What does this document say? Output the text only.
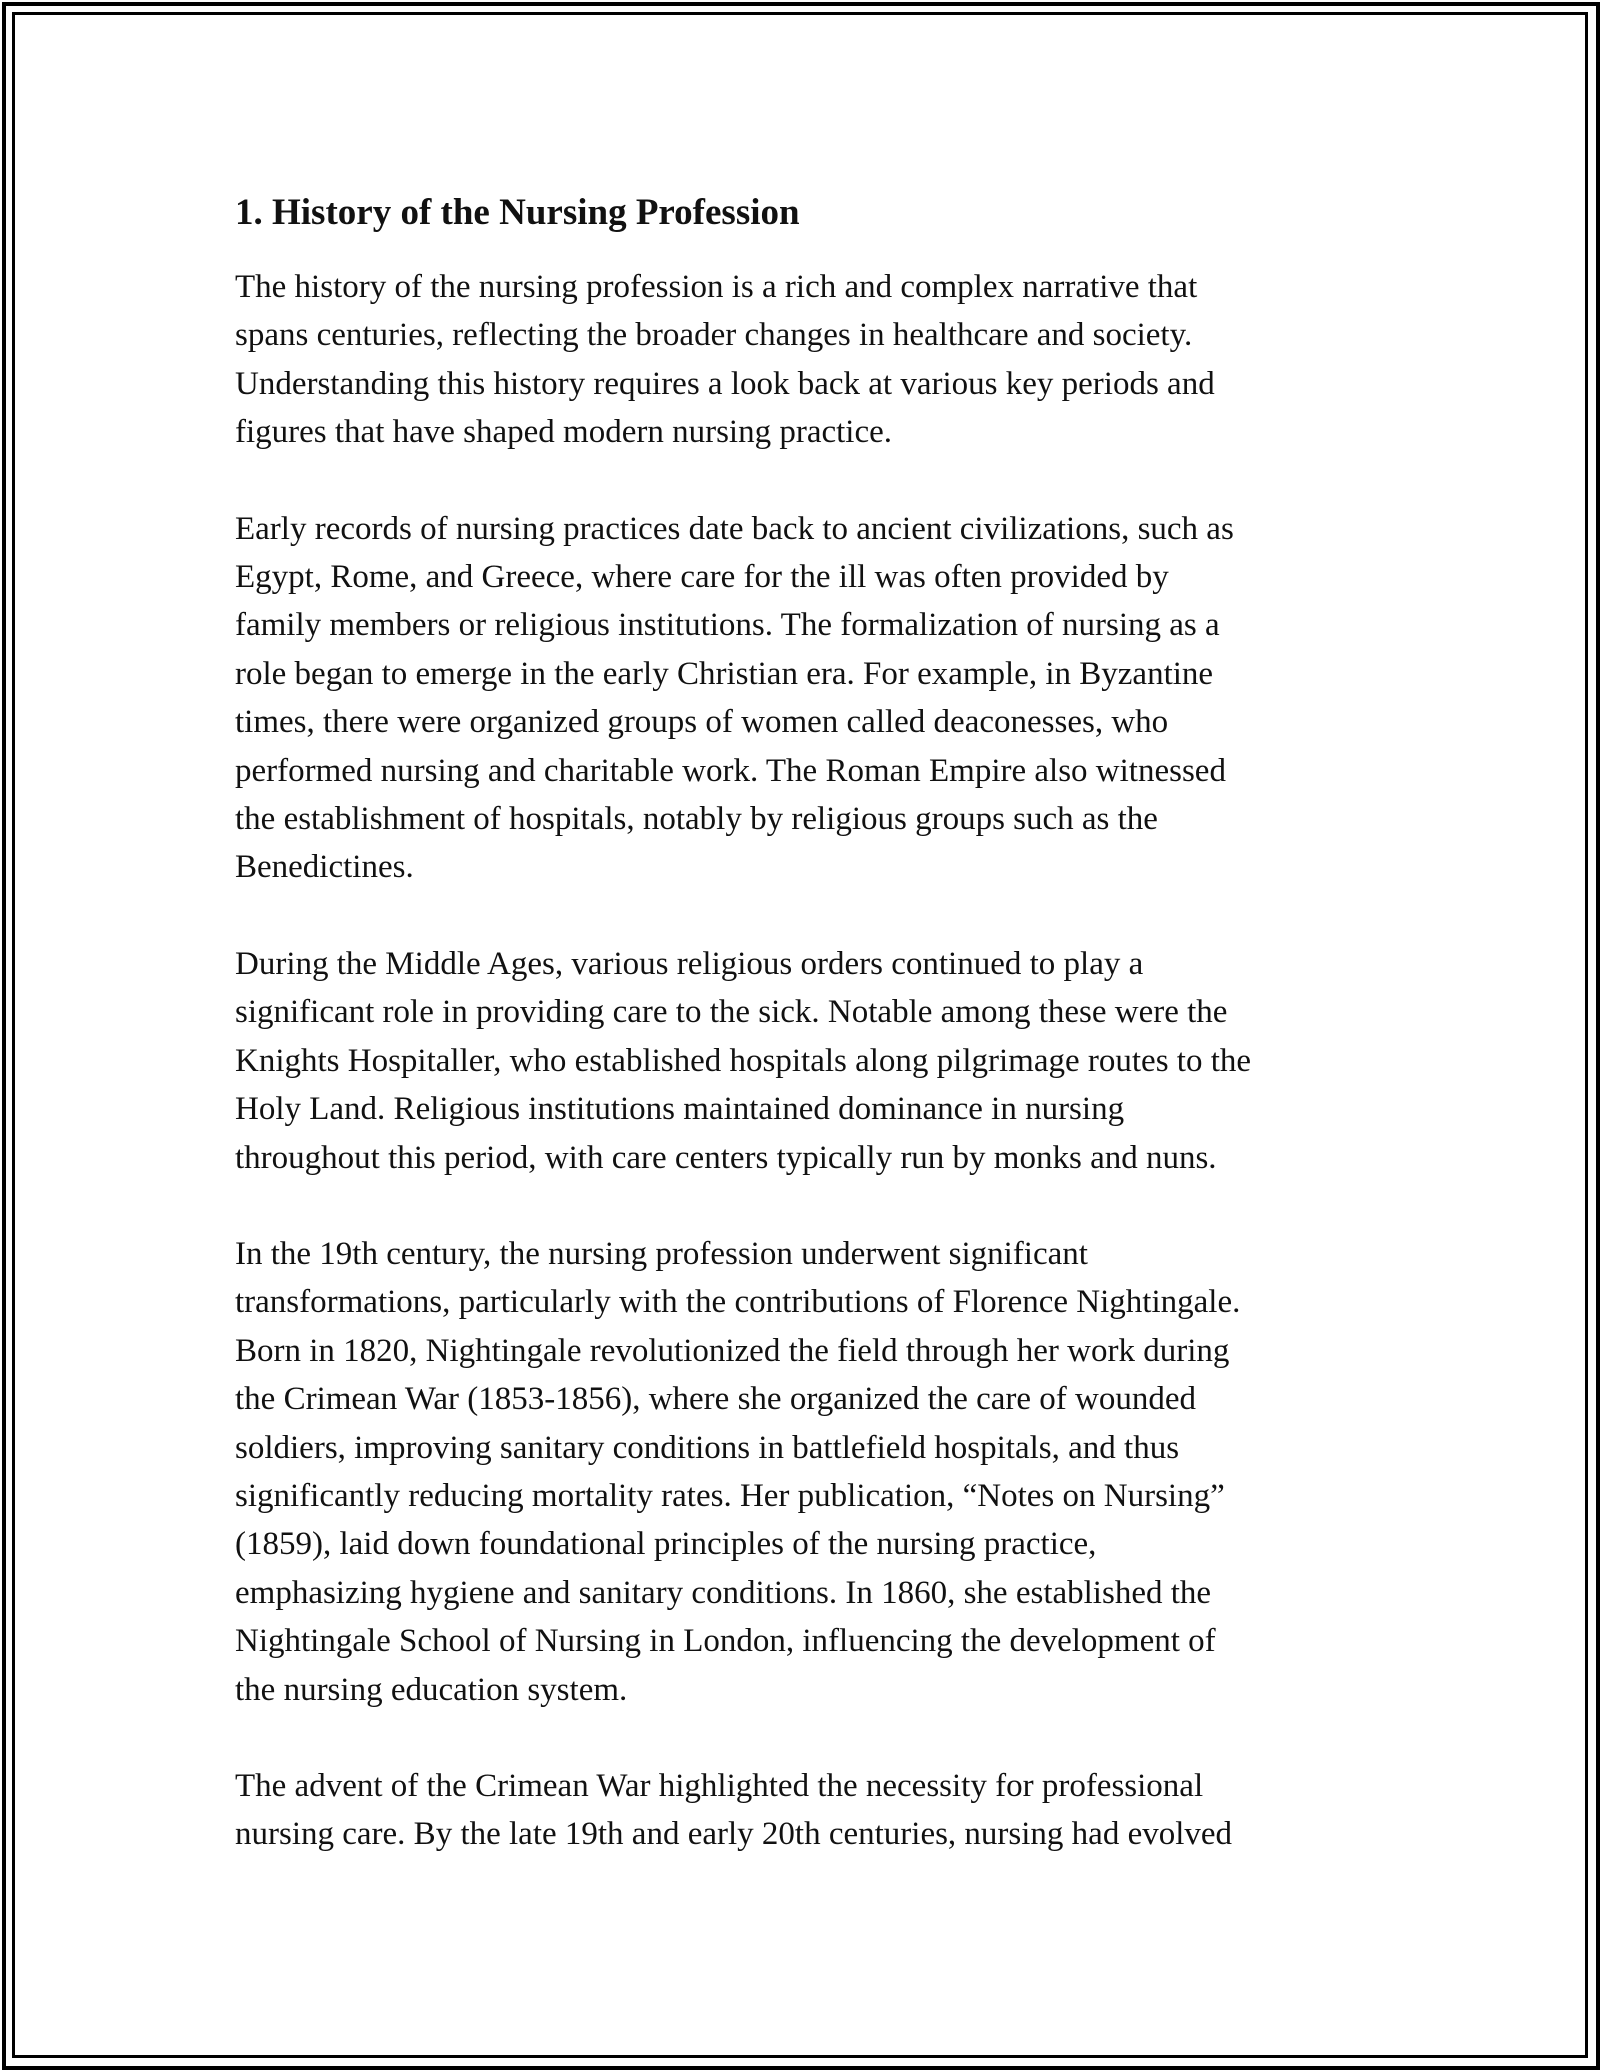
1. History of the Nursing Profession

The history of the nursing profession is a rich and complex narrative that
spans centuries, reflecting the broader changes in healthcare and society.
Understanding this history requires a look back at various key periods and
figures that have shaped modern nursing practice.

Early records of nursing practices date back to ancient civilizations, such as
Egypt, Rome, and Greece, where care for the ill was often provided by
family members or religious institutions. The formalization of nursing as a
role began to emerge in the early Christian era. For example, in Byzantine
times, there were organized groups of women called deaconesses, who
performed nursing and charitable work. The Roman Empire also witnessed
the establishment of hospitals, notably by religious groups such as the
Benedictines.

During the Middle Ages, various religious orders continued to play a
significant role in providing care to the sick. Notable among these were the
Knights Hospitaller, who established hospitals along pilgrimage routes to the
Holy Land. Religious institutions maintained dominance in nursing
throughout this period, with care centers typically run by monks and nuns.

In the 19th century, the nursing profession underwent significant
transformations, particularly with the contributions of Florence Nightingale.
Born in 1820, Nightingale revolutionized the field through her work during
the Crimean War (1853-1856), where she organized the care of wounded
soldiers, improving sanitary conditions in battlefield hospitals, and thus
significantly reducing mortality rates. Her publication, “Notes on Nursing”
(1859), laid down foundational principles of the nursing practice,
emphasizing hygiene and sanitary conditions. In 1860, she established the
Nightingale School of Nursing in London, influencing the development of
the nursing education system.

The advent of the Crimean War highlighted the necessity for professional
nursing care. By the late 19th and early 20th centuries, nursing had evolved
